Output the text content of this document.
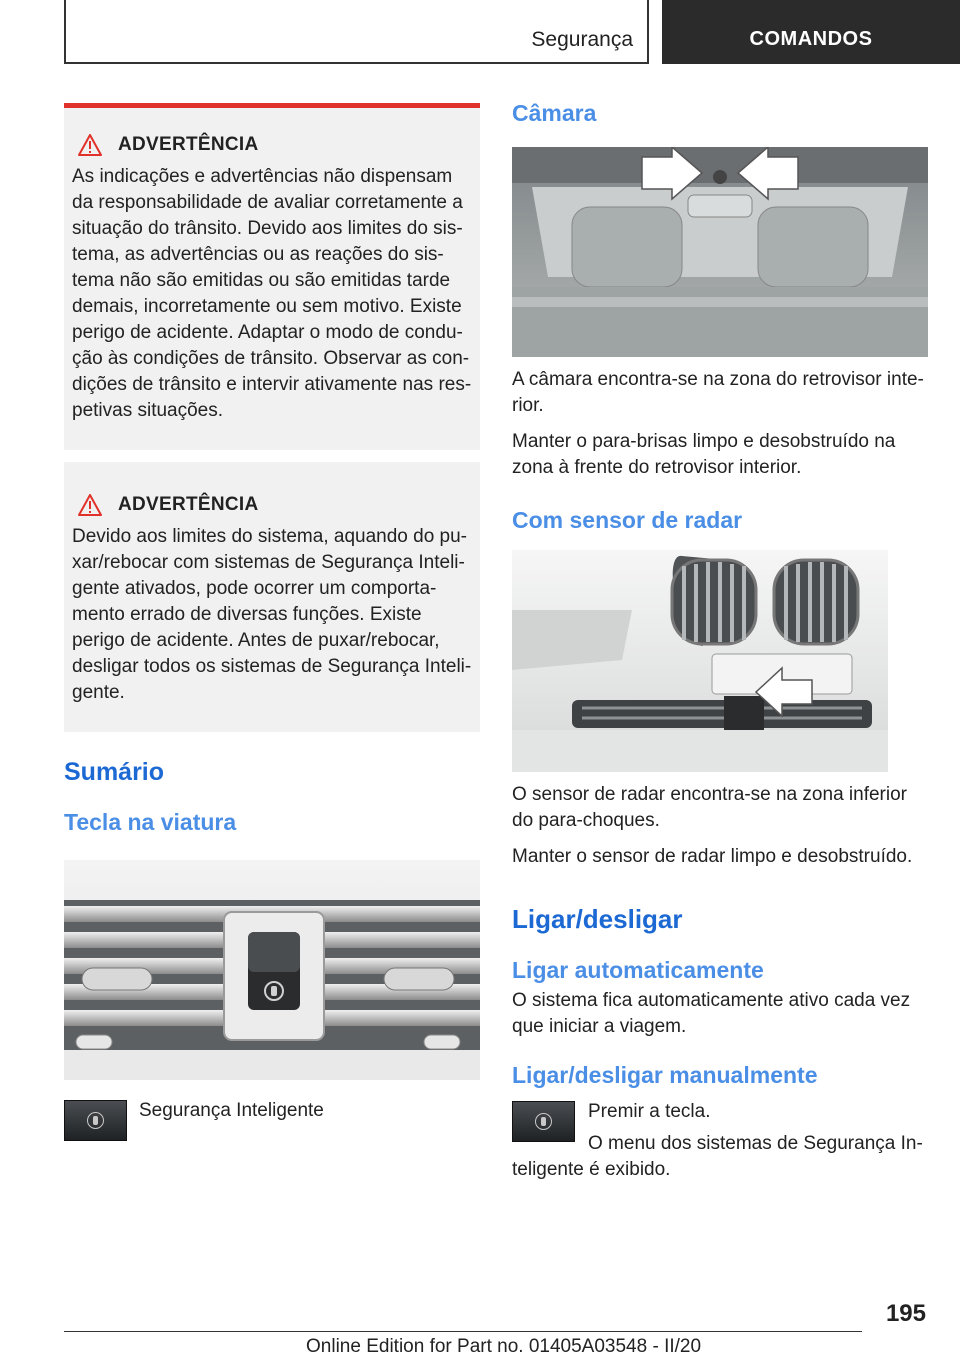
Segurança	COMANDOS
ADVERTÊNCIA
As indicações e advertências não dispensam
da responsabilidade de avaliar corretamente a
situação do trânsito. Devido aos limites do sis-
tema, as advertências ou as reações do sis-
tema não são emitidas ou são emitidas tarde
demais, incorretamente ou sem motivo. Existe
perigo de acidente. Adaptar o modo de condu-
ção às condições de trânsito. Observar as con-
dições de trânsito e intervir ativamente nas res-
petivas situações.
ADVERTÊNCIA
Devido aos limites do sistema, aquando do pu-
xar/rebocar com sistemas de Segurança Inteli-
gente ativados, pode ocorrer um comporta-
mento errado de diversas funções. Existe
perigo de acidente. Antes de puxar/rebocar,
desligar todos os sistemas de Segurança Inteli-
gente.
Sumário
Tecla na viatura

Segurança Inteligente

Câmara

A câmara encontra-se na zona do retrovisor inte-
rior.

Manter o para-brisas limpo e desobstruído na
zona à frente do retrovisor interior.

Com sensor de radar

O sensor de radar encontra-se na zona inferior
do para-choques.

Manter o sensor de radar limpo e desobstruído.

Ligar/desligar
Ligar automaticamente

O sistema fica automaticamente ativo cada vez
que iniciar a viagem.

Ligar/desligar manualmente

Premir a tecla.

O menu dos sistemas de Segurança In-

teligente é exibido.

195
Online Edition for Part no. 01405A03548 - II/20
